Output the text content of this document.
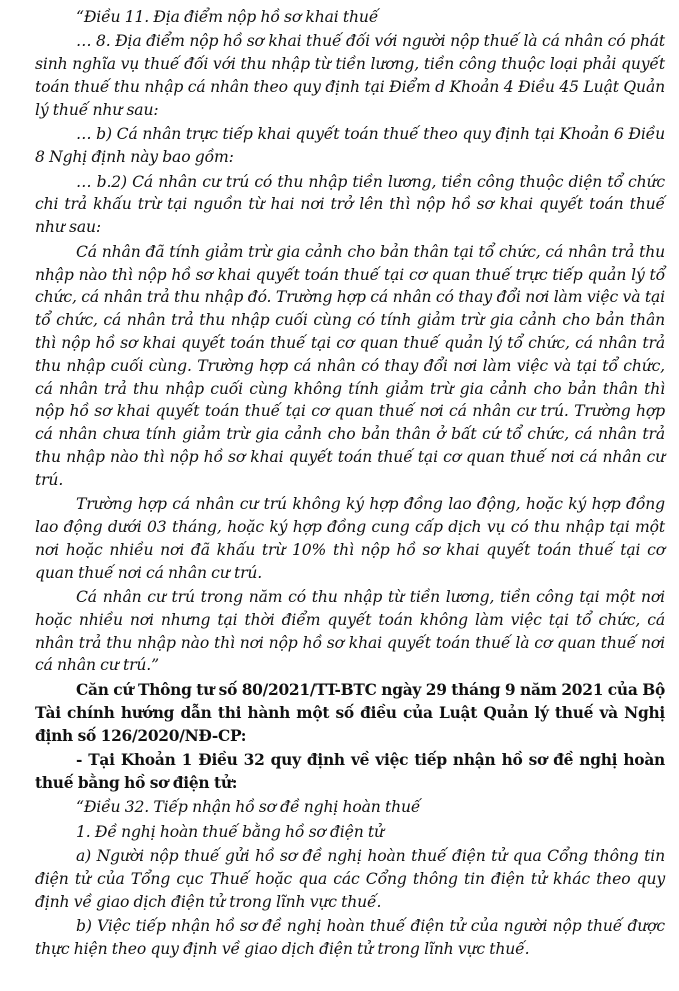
“Điều 11. Địa điểm nộp hồ sơ khai thuế

… 8. Địa điểm nộp hồ sơ khai thuế đối với người nộp thuế là cá nhân có phát sinh nghĩa vụ thuế đối với thu nhập từ tiền lương, tiền công thuộc loại phải quyết toán thuế thu nhập cá nhân theo quy định tại Điểm d Khoản 4 Điều 45 Luật Quản lý thuế như sau:

… b) Cá nhân trực tiếp khai quyết toán thuế theo quy định tại Khoản 6 Điều 8 Nghị định này bao gồm:

… b.2) Cá nhân cư trú có thu nhập tiền lương, tiền công thuộc diện tổ chức chi trả khấu trừ tại nguồn từ hai nơi trở lên thì nộp hồ sơ khai quyết toán thuế như sau:

Cá nhân đã tính giảm trừ gia cảnh cho bản thân tại tổ chức, cá nhân trả thu nhập nào thì nộp hồ sơ khai quyết toán thuế tại cơ quan thuế trực tiếp quản lý tổ chức, cá nhân trả thu nhập đó. Trường hợp cá nhân có thay đổi nơi làm việc và tại tổ chức, cá nhân trả thu nhập cuối cùng có tính giảm trừ gia cảnh cho bản thân thì nộp hồ sơ khai quyết toán thuế tại cơ quan thuế quản lý tổ chức, cá nhân trả thu nhập cuối cùng. Trường hợp cá nhân có thay đổi nơi làm việc và tại tổ chức, cá nhân trả thu nhập cuối cùng không tính giảm trừ gia cảnh cho bản thân thì nộp hồ sơ khai quyết toán thuế tại cơ quan thuế nơi cá nhân cư trú. Trường hợp cá nhân chưa tính giảm trừ gia cảnh cho bản thân ở bất cứ tổ chức, cá nhân trả thu nhập nào thì nộp hồ sơ khai quyết toán thuế tại cơ quan thuế nơi cá nhân cư trú.

Trường hợp cá nhân cư trú không ký hợp đồng lao động, hoặc ký hợp đồng lao động dưới 03 tháng, hoặc ký hợp đồng cung cấp dịch vụ có thu nhập tại một nơi hoặc nhiều nơi đã khấu trừ 10% thì nộp hồ sơ khai quyết toán thuế tại cơ quan thuế nơi cá nhân cư trú.

Cá nhân cư trú trong năm có thu nhập từ tiền lương, tiền công tại một nơi hoặc nhiều nơi nhưng tại thời điểm quyết toán không làm việc tại tổ chức, cá nhân trả thu nhập nào thì nơi nộp hồ sơ khai quyết toán thuế là cơ quan thuế nơi cá nhân cư trú.”

Căn cứ Thông tư số 80/2021/TT-BTC ngày 29 tháng 9 năm 2021 của Bộ Tài chính hướng dẫn thi hành một số điều của Luật Quản lý thuế và Nghị định số 126/2020/NĐ-CP:

- Tại Khoản 1 Điều 32 quy định về việc tiếp nhận hồ sơ đề nghị hoàn thuế bằng hồ sơ điện tử:

“Điều 32. Tiếp nhận hồ sơ đề nghị hoàn thuế

1. Đề nghị hoàn thuế bằng hồ sơ điện tử

a) Người nộp thuế gửi hồ sơ đề nghị hoàn thuế điện tử qua Cổng thông tin điện tử của Tổng cục Thuế hoặc qua các Cổng thông tin điện tử khác theo quy định về giao dịch điện tử trong lĩnh vực thuế.

b) Việc tiếp nhận hồ sơ đề nghị hoàn thuế điện tử của người nộp thuế được thực hiện theo quy định về giao dịch điện tử trong lĩnh vực thuế.
